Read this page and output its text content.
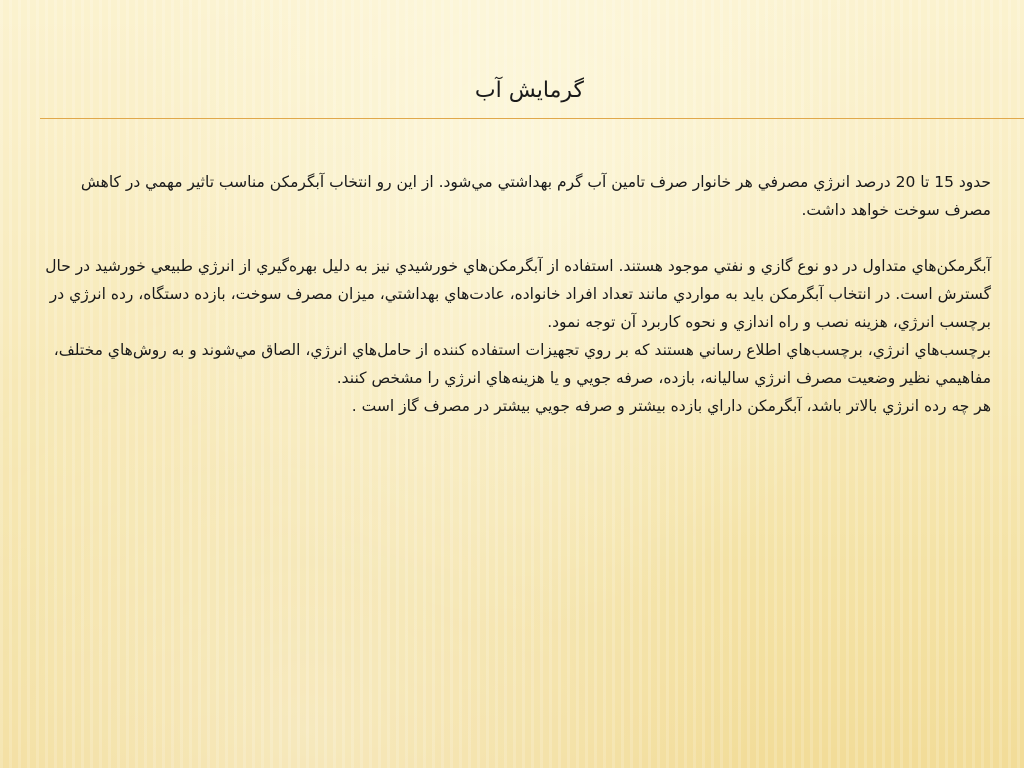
گرمايش آب

حدود 15 تا 20 درصد انرژي مصرفي هر خانوار صرف تامين آب گرم بهداشتي مي‌شود. از اين رو انتخاب آبگرمكن مناسب تاثير مهمي در كاهش مصرف سوخت خواهد داشت.

آبگرمكن‌هاي متداول در دو نوع گازي و نفتي موجود هستند. استفاده از آبگرمكن‌هاي خورشيدي نيز به دليل بهره‌گيري از انرژي طبيعي خورشيد در حال گسترش است. در انتخاب آبگرمكن بايد به مواردي مانند تعداد افراد خانواده، عادت‌هاي بهداشتي، ميزان مصرف سوخت، بازده دستگاه، رده انرژي در برچسب انرژي، هزينه نصب و راه اندازي و نحوه كاربرد آن توجه نمود.

برچسب‌هاي انرژي، برچسب‌هاي اطلاع رساني هستند كه بر روي تجهيزات استفاده كننده از حامل‌هاي انرژي، الصاق مي‌شوند و به روش‌هاي مختلف، مفاهيمي نظير وضعيت مصرف انرژي ساليانه، بازده، صرفه جويي و يا هزينه‌هاي انرژي را مشخص كنند.

هر چه رده انرژي بالاتر باشد، آبگرمكن داراي بازده بيشتر و صرفه جويي بيشتر در مصرف گاز است .
